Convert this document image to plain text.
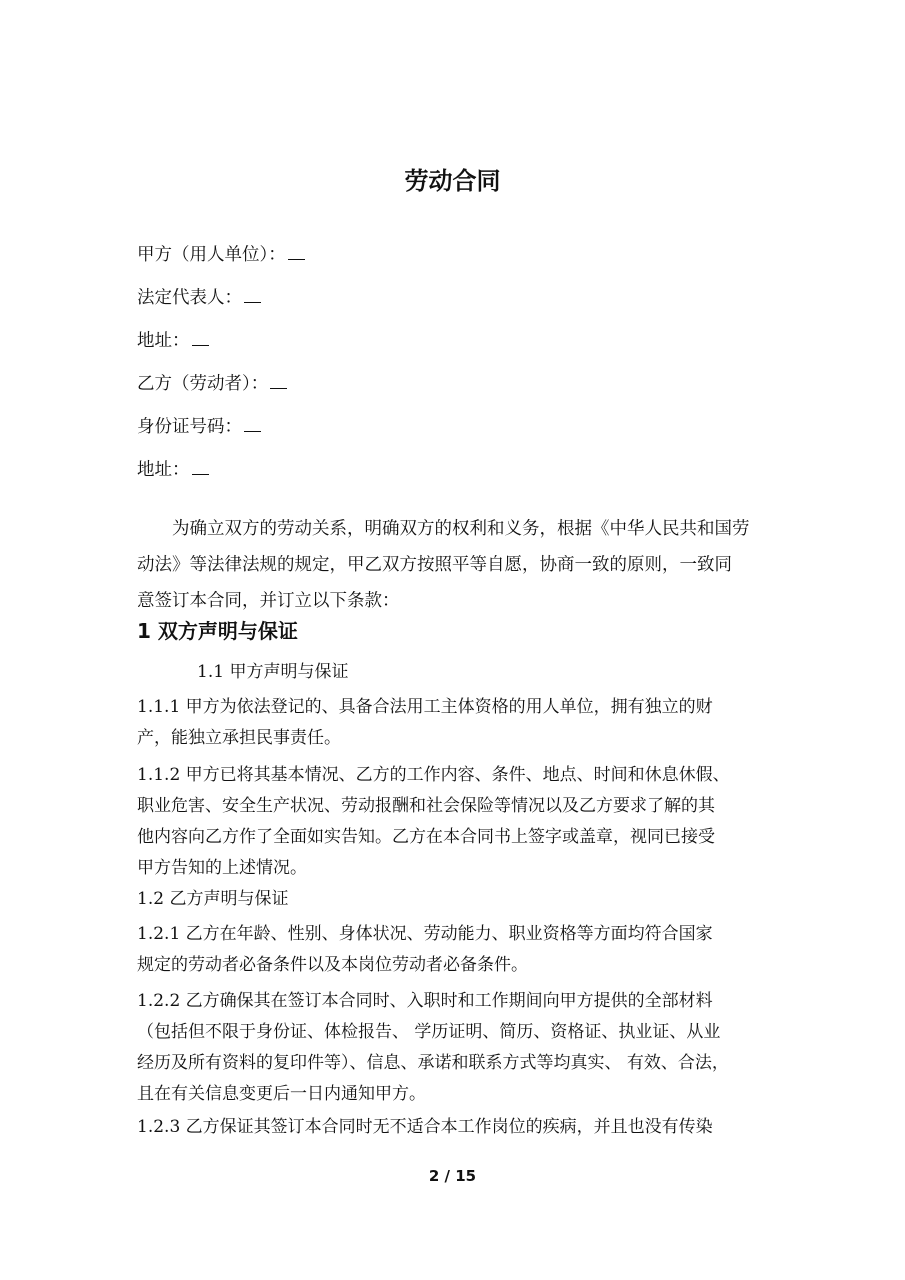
劳动合同
甲方（用人单位）：
法定代表人：
地址：
乙方（劳动者）：
身份证号码：
地址：
　　为确立双方的劳动关系，明确双方的权利和义务，根据《中华人民共和国劳
动法》等法律法规的规定，甲乙双方按照平等自愿，协商一致的原则，一致同
意签订本合同，并订立以下条款：
1 双方声明与保证
1.1 甲方声明与保证
1.1.1 甲方为依法登记的、具备合法用工主体资格的用人单位，拥有独立的财
产，能独立承担民事责任。
1.1.2 甲方已将其基本情况、乙方的工作内容、条件、地点、时间和休息休假、
职业危害、安全生产状况、劳动报酬和社会保险等情况以及乙方要求了解的其
他内容向乙方作了全面如实告知。乙方在本合同书上签字或盖章，视同已接受
甲方告知的上述情况。
1.2 乙方声明与保证
1.2.1 乙方在年龄、性别、身体状况、劳动能力、职业资格等方面均符合国家
规定的劳动者必备条件以及本岗位劳动者必备条件。
1.2.2 乙方确保其在签订本合同时、入职时和工作期间向甲方提供的全部材料
（包括但不限于身份证、体检报告、 学历证明、简历、资格证、执业证、从业
经历及所有资料的复印件等）、信息、承诺和联系方式等均真实、 有效、合法，
且在有关信息变更后一日内通知甲方。
1.2.3 乙方保证其签订本合同时无不适合本工作岗位的疾病，并且也没有传染
2 / 15
